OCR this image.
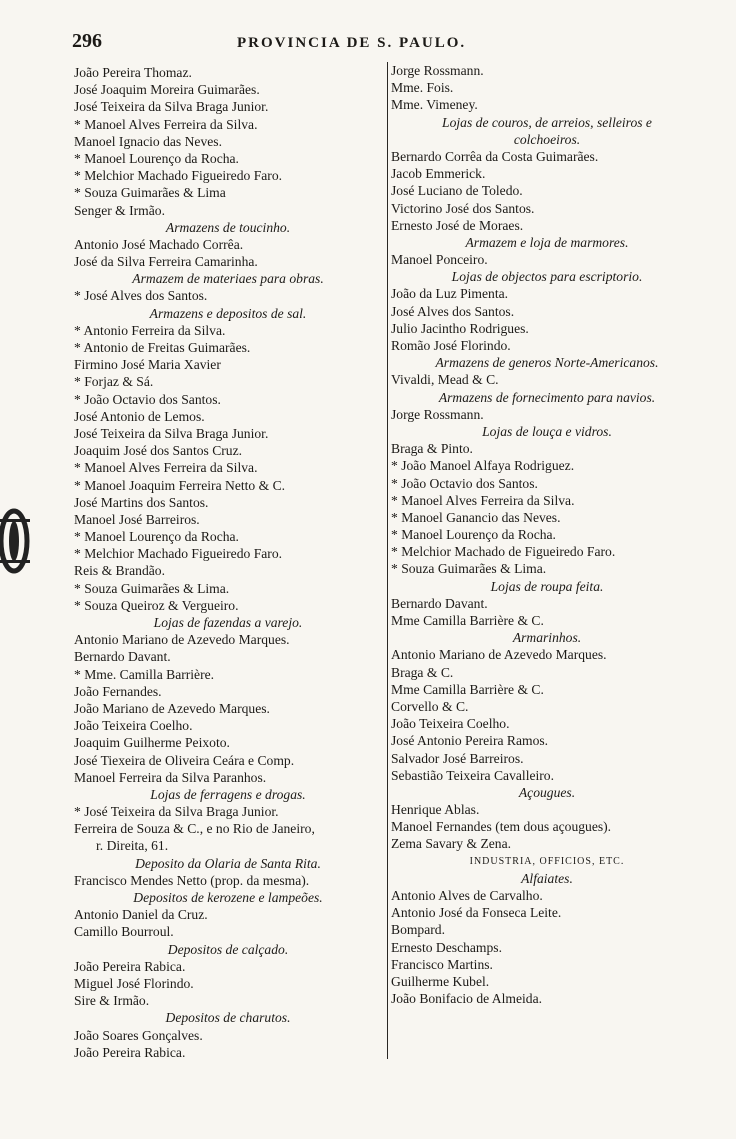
296	PROVINCIA DE S. PAULO.
João Pereira Thomaz.
José Joaquim Moreira Guimarães.
José Teixeira da Silva Braga Junior.
* Manoel Alves Ferreira da Silva.
Manoel Ignacio das Neves.
* Manoel Lourenço da Rocha.
* Melchior Machado Figueiredo Faro.
* Souza Guimarães & Lima
Senger & Irmão.
Armazens de toucinho.
Antonio José Machado Corrêa.
José da Silva Ferreira Camarinha.
Armazem de materiaes para obras.
* José Alves dos Santos.
Armazens e depositos de sal.
* Antonio Ferreira da Silva.
* Antonio de Freitas Guimarães.
Firmino José Maria Xavier
* Forjaz & Sá.
* João Octavio dos Santos.
José Antonio de Lemos.
José Teixeira da Silva Braga Junior.
Joaquim José dos Santos Cruz.
* Manoel Alves Ferreira da Silva.
* Manoel Joaquim Ferreira Netto & C.
José Martins dos Santos.
Manoel José Barreiros.
* Manoel Lourenço da Rocha.
* Melchior Machado Figueiredo Faro.
Reis & Brandão.
* Souza Guimarães & Lima.
* Souza Queiroz & Vergueiro.
Lojas de fazendas a varejo.
Antonio Mariano de Azevedo Marques.
Bernardo Davant.
* Mme. Camilla Barrière.
João Fernandes.
João Mariano de Azevedo Marques.
João Teixeira Coelho.
Joaquim Guilherme Peixoto.
José Tiexeira de Oliveira Ceára e Comp.
Manoel Ferreira da Silva Paranhos.
Lojas de ferragens e drogas.
* José Teixeira da Silva Braga Junior.
Ferreira de Souza & C., e no Rio de Janeiro,
r. Direita, 61.
Deposito da Olaria de Santa Rita.
Francisco Mendes Netto (prop. da mesma).
Depositos de kerozene e lampeões.
Antonio Daniel da Cruz.
Camillo Bourroul.
Depositos de calçado.
João Pereira Rabica.
Miguel José Florindo.
Sire & Irmão.
Depositos de charutos.
João Soares Gonçalves.
João Pereira Rabica.
Jorge Rossmann.
Mme. Fois.
Mme. Vimeney.
Lojas de couros, de arreios, selleiros e
colchoeiros.
Bernardo Corrêa da Costa Guimarães.
Jacob Emmerick.
José Luciano de Toledo.
Victorino José dos Santos.
Ernesto José de Moraes.
Armazem e loja de marmores.
Manoel Ponceiro.
Lojas de objectos para escriptorio.
João da Luz Pimenta.
José Alves dos Santos.
Julio Jacintho Rodrigues.
Romão José Florindo.
Armazens de generos Norte-Americanos.
Vivaldi, Mead & C.
Armazens de fornecimento para navios.
Jorge Rossmann.
Lojas de louça e vidros.
Braga & Pinto.
* João Manoel Alfaya Rodriguez.
* João Octavio dos Santos.
* Manoel Alves Ferreira da Silva.
* Manoel Ganancio das Neves.
* Manoel Lourenço da Rocha.
* Melchior Machado de Figueiredo Faro.
* Souza Guimarães & Lima.
Lojas de roupa feita.
Bernardo Davant.
Mme Camilla Barrière & C.
Armarinhos.
Antonio Mariano de Azevedo Marques.
Braga & C.
Mme Camilla Barrière & C.
Corvello & C.
João Teixeira Coelho.
José Antonio Pereira Ramos.
Salvador José Barreiros.
Sebastião Teixeira Cavalleiro.
Açougues.
Henrique Ablas.
Manoel Fernandes (tem dous açougues).
Zema Savary & Zena.
INDUSTRIA, OFFICIOS, ETC.
Alfaiates.
Antonio Alves de Carvalho.
Antonio José da Fonseca Leite.
Bompard.
Ernesto Deschamps.
Francisco Martins.
Guilherme Kubel.
João Bonifacio de Almeida.
